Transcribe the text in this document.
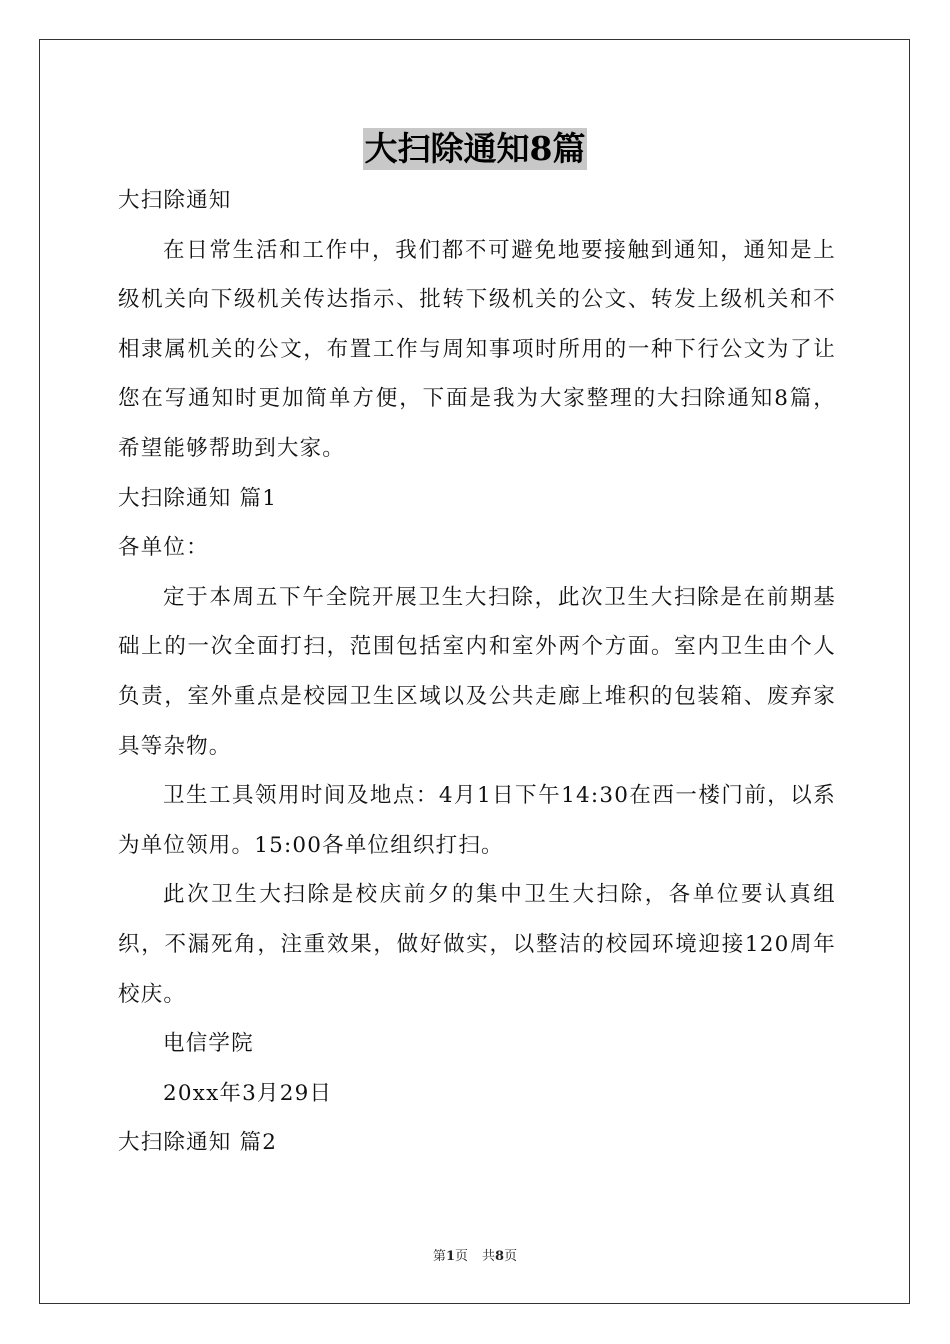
大扫除通知8篇

大扫除通知

在日常生活和工作中，我们都不可避免地要接触到通知，通知是上级机关向下级机关传达指示、批转下级机关的公文、转发上级机关和不相隶属机关的公文，布置工作与周知事项时所用的一种下行公文为了让您在写通知时更加简单方便，下面是我为大家整理的大扫除通知8篇，希望能够帮助到大家。

大扫除通知 篇1

各单位：

定于本周五下午全院开展卫生大扫除，此次卫生大扫除是在前期基础上的一次全面打扫，范围包括室内和室外两个方面。室内卫生由个人负责，室外重点是校园卫生区域以及公共走廊上堆积的包装箱、废弃家具等杂物。

卫生工具领用时间及地点：4月1日下午14:30在西一楼门前，以系为单位领用。15:00各单位组织打扫。

此次卫生大扫除是校庆前夕的集中卫生大扫除，各单位要认真组织，不漏死角，注重效果，做好做实，以整洁的校园环境迎接120周年校庆。

电信学院

20xx年3月29日

大扫除通知 篇2

第1页 共8页
